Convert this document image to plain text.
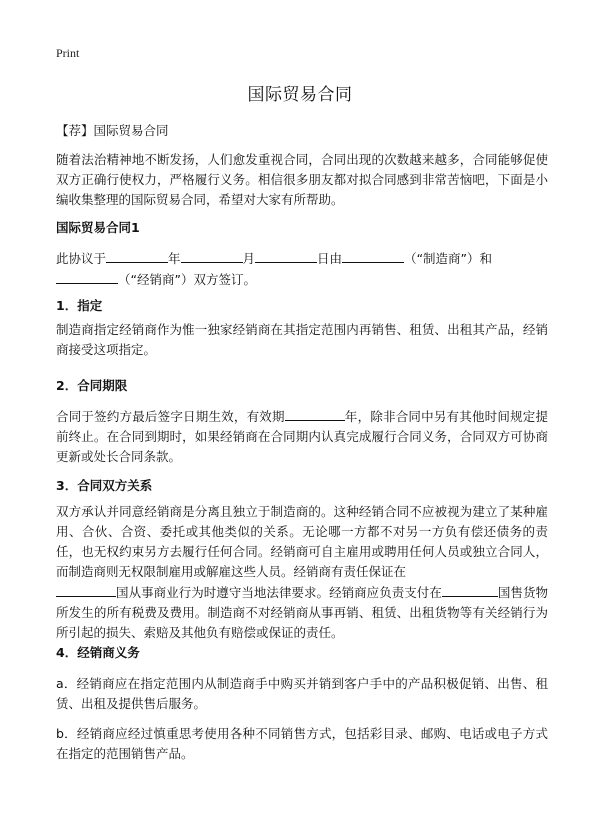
Print
国际贸易合同

【荐】国际贸易合同

随着法治精神地不断发扬，人们愈发重视合同，合同出现的次数越来越多，合同能够促使双方正确行使权力，严格履行义务。相信很多朋友都对拟合同感到非常苦恼吧，下面是小编收集整理的国际贸易合同，希望对大家有所帮助。

国际贸易合同1

此协议于	年	月	日由	（“制造商”）和
（“经销商”）双方签订。

1．指定

制造商指定经销商作为惟一独家经销商在其指定范围内再销售、租赁、出租其产品，经销商接受这项指定。

2．合同期限

合同于签约方最后签字日期生效，有效期	年，除非合同中另有其他时间规定提前终止。在合同到期时，如果经销商在合同期内认真完成履行合同义务，合同双方可协商更新或处长合同条款。

3．合同双方关系

双方承认并同意经销商是分离且独立于制造商的。这种经销合同不应被视为建立了某种雇用、合伙、合资、委托或其他类似的关系。无论哪一方都不对另一方负有偿还债务的责任，也无权约束另方去履行任何合同。经销商可自主雇用或聘用任何人员或独立合同人，而制造商则无权限制雇用或解雇这些人员。经销商有责任保证在
国从事商业行为时遵守当地法律要求。经销商应负责支付在	国售货物所发生的所有税费及费用。制造商不对经销商从事再销、租赁、出租货物等有关经销行为所引起的损失、索赔及其他负有赔偿或保证的责任。

4．经销商义务

a．经销商应在指定范围内从制造商手中购买并销到客户手中的产品积极促销、出售、租赁、出租及提供售后服务。

b．经销商应经过慎重思考使用各种不同销售方式，包括彩目录、邮购、电话或电子方式在指定的范围销售产品。
